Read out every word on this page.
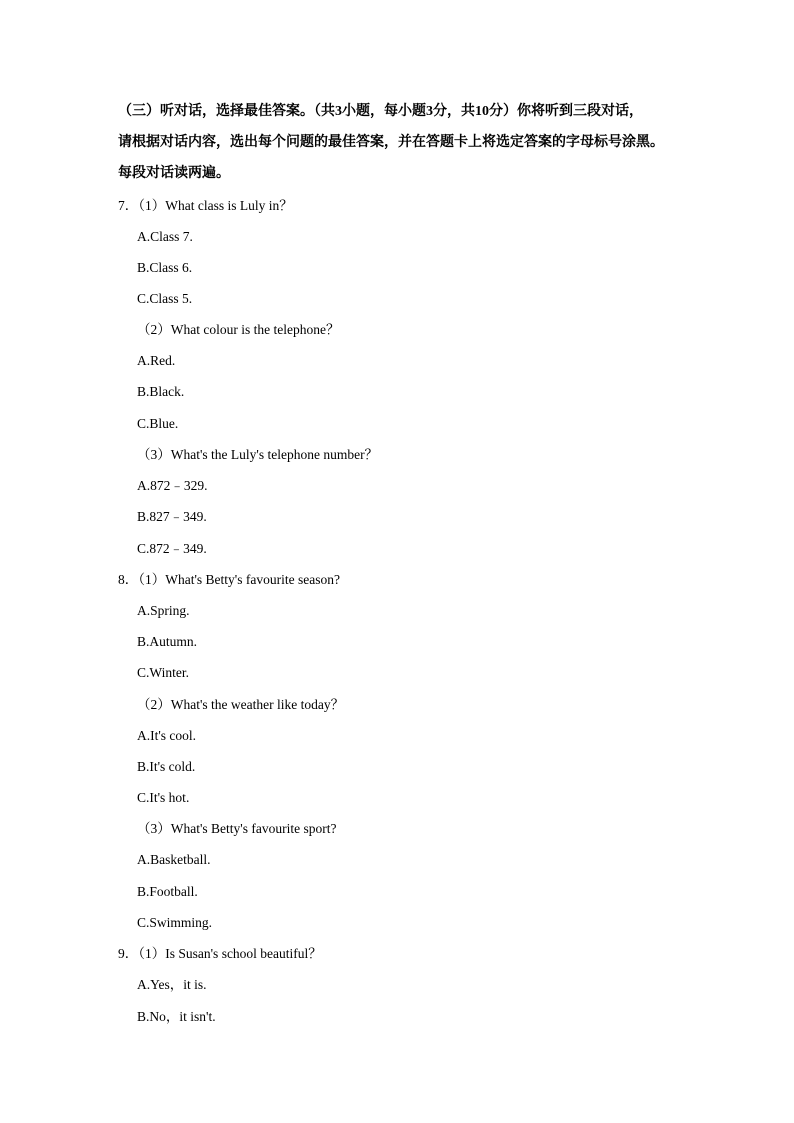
（三）听对话，选择最佳答案。（共3小题，每小题3分，共10分）你将听到三段对话，
请根据对话内容，选出每个问题的最佳答案，并在答题卡上将选定答案的字母标号涂黑。
每段对话读两遍。
7．（1）What class is Luly in？
A.Class 7.
B.Class 6.
C.Class 5.
（2）What colour is the telephone？
A.Red.
B.Black.
C.Blue.
（3）What's the Luly's telephone number？
A.872﹣329.
B.827﹣349.
C.872﹣349.
8．（1）What's Betty's favourite season?
A.Spring.
B.Autumn.
C.Winter.
（2）What's the weather like today？
A.It's cool.
B.It's cold.
C.It's hot.
（3）What's Betty's favourite sport?
A.Basketball.
B.Football.
C.Swimming.
9．（1）Is Susan's school beautiful？
A.Yes，it is.
B.No，it isn't.
